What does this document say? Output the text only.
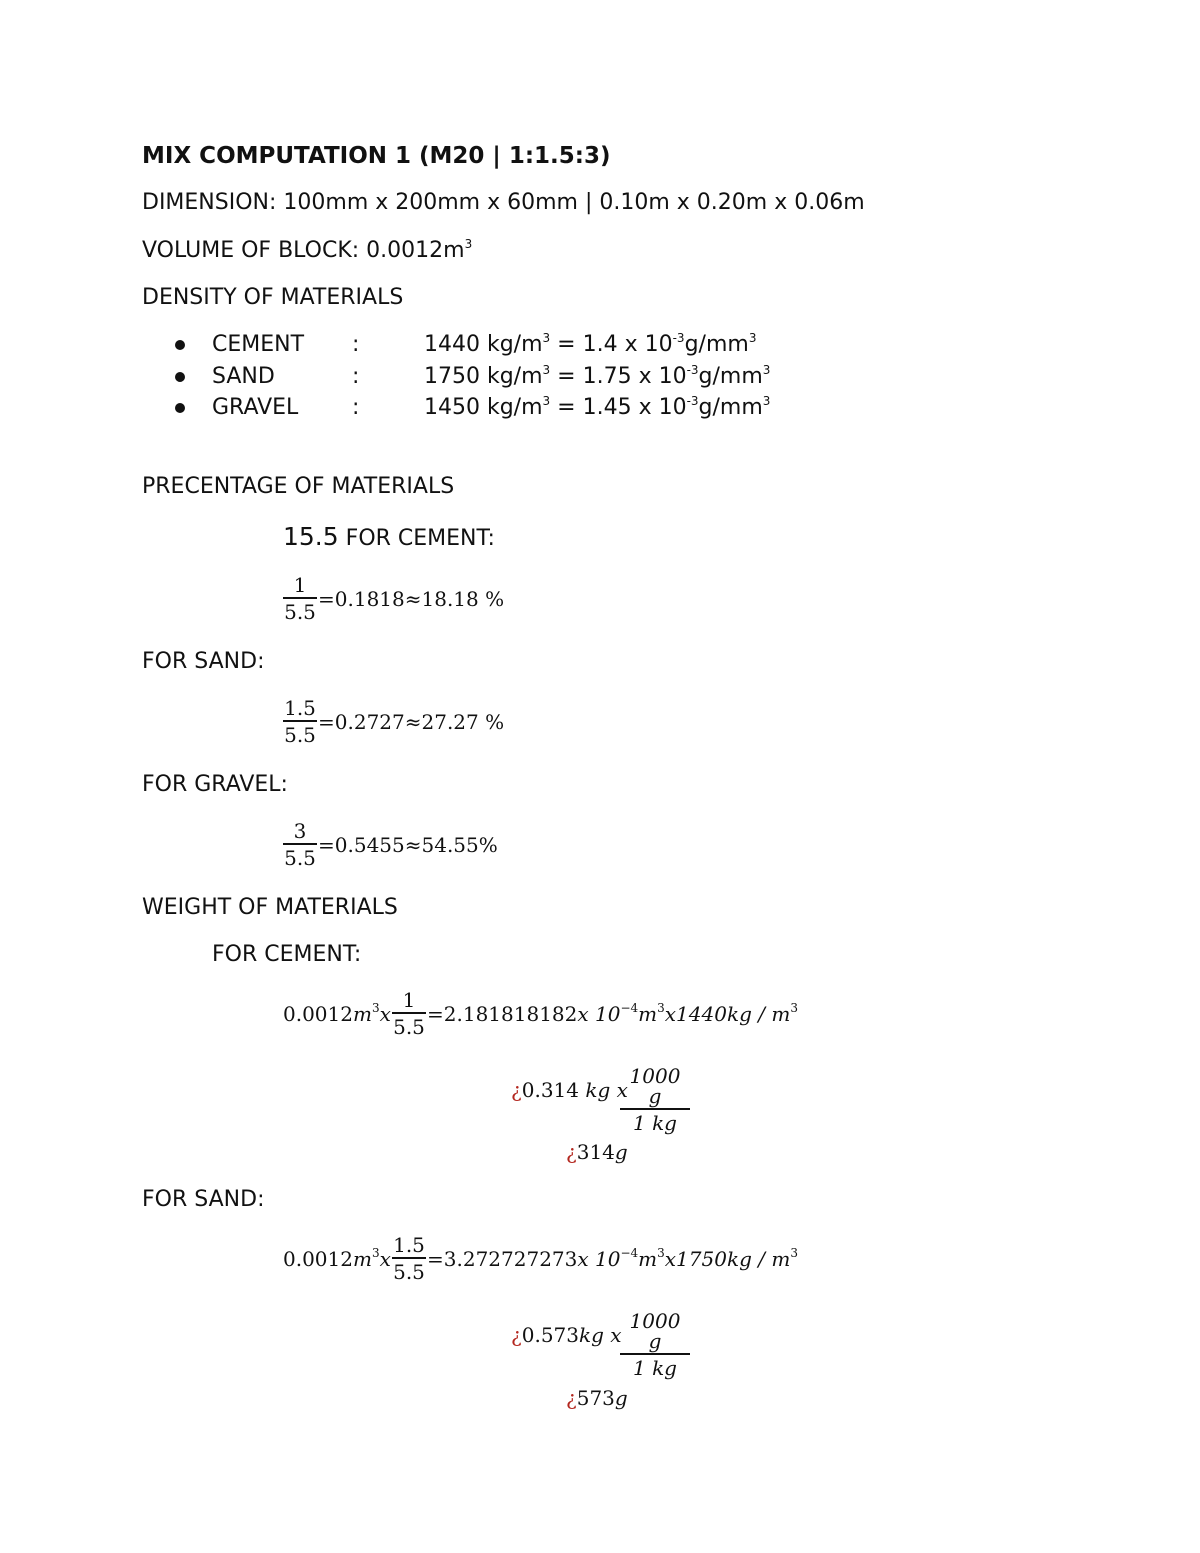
MIX COMPUTATION 1 (M20 | 1:1.5:3)
DIMENSION: 100mm x 200mm x 60mm | 0.10m x 0.20m x 0.06m
VOLUME OF BLOCK: $0.0012m^3$
DENSITY OF MATERIALS
CEMENT :	1440 $kg/m^3 = 1.4$ x $10^{-3}g/mm^3$
SAND	:	1750 $kg/m^3 = 1.75$ x $10^{-3}g/mm^3$
GRAVEL :	1450 $kg/m^3 = 1.45$ x $10^{-3}g/mm^3$
PRECENTAGE OF MATERIALS
15.5 FOR CEMENT:
1
5.5
=0.1818≈18.18 %
FOR SAND:
1.5
5.5
=0.2727≈27.27 %
FOR GRAVEL:
3
5.5
=0.5455≈54.55%
WEIGHT OF MATERIALS
FOR CEMENT:
$0.0012m^3x$
1
5.5
=2.181818182x $10^{-4}m^3x1440kg / m^3$
¿0.314 kg x
1000 g
1 kg
¿314g
FOR SAND:
$0.0012m^3x$
1.5
5.5
=3.272727273x $10^{-4}m^3x1750kg / m^3$
¿0.573kg x
1000 g
1 kg
¿573g
